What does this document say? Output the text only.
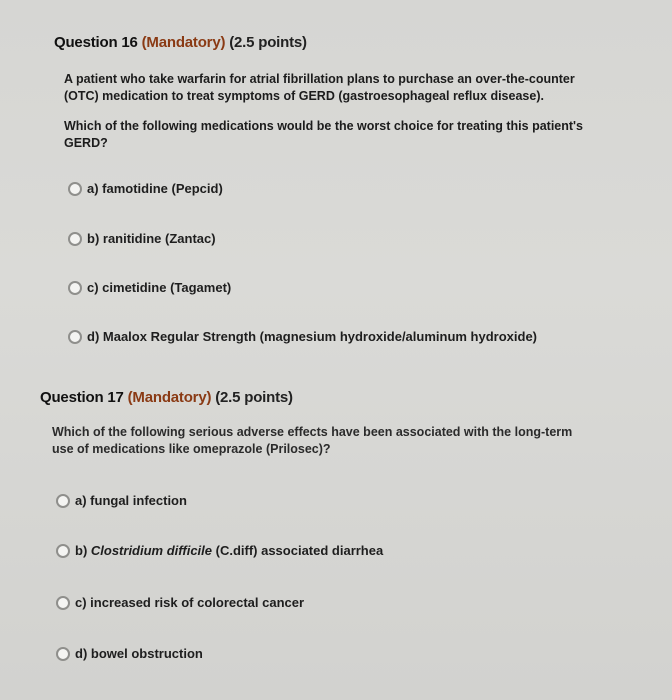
Question 16 (Mandatory) (2.5 points)
A patient who take warfarin for atrial fibrillation plans to purchase an over-the-counter
(OTC) medication to treat symptoms of GERD (gastroesophageal reflux disease).
Which of the following medications would be the worst choice for treating this patient's
GERD?
a) famotidine (Pepcid)
b) ranitidine (Zantac)
c) cimetidine (Tagamet)
d) Maalox Regular Strength (magnesium hydroxide/aluminum hydroxide)
Question 17 (Mandatory) (2.5 points)
Which of the following serious adverse effects have been associated with the long-term
use of medications like omeprazole (Prilosec)?
a) fungal infection
b) Clostridium difficile (C.diff) associated diarrhea
c) increased risk of colorectal cancer
d) bowel obstruction
